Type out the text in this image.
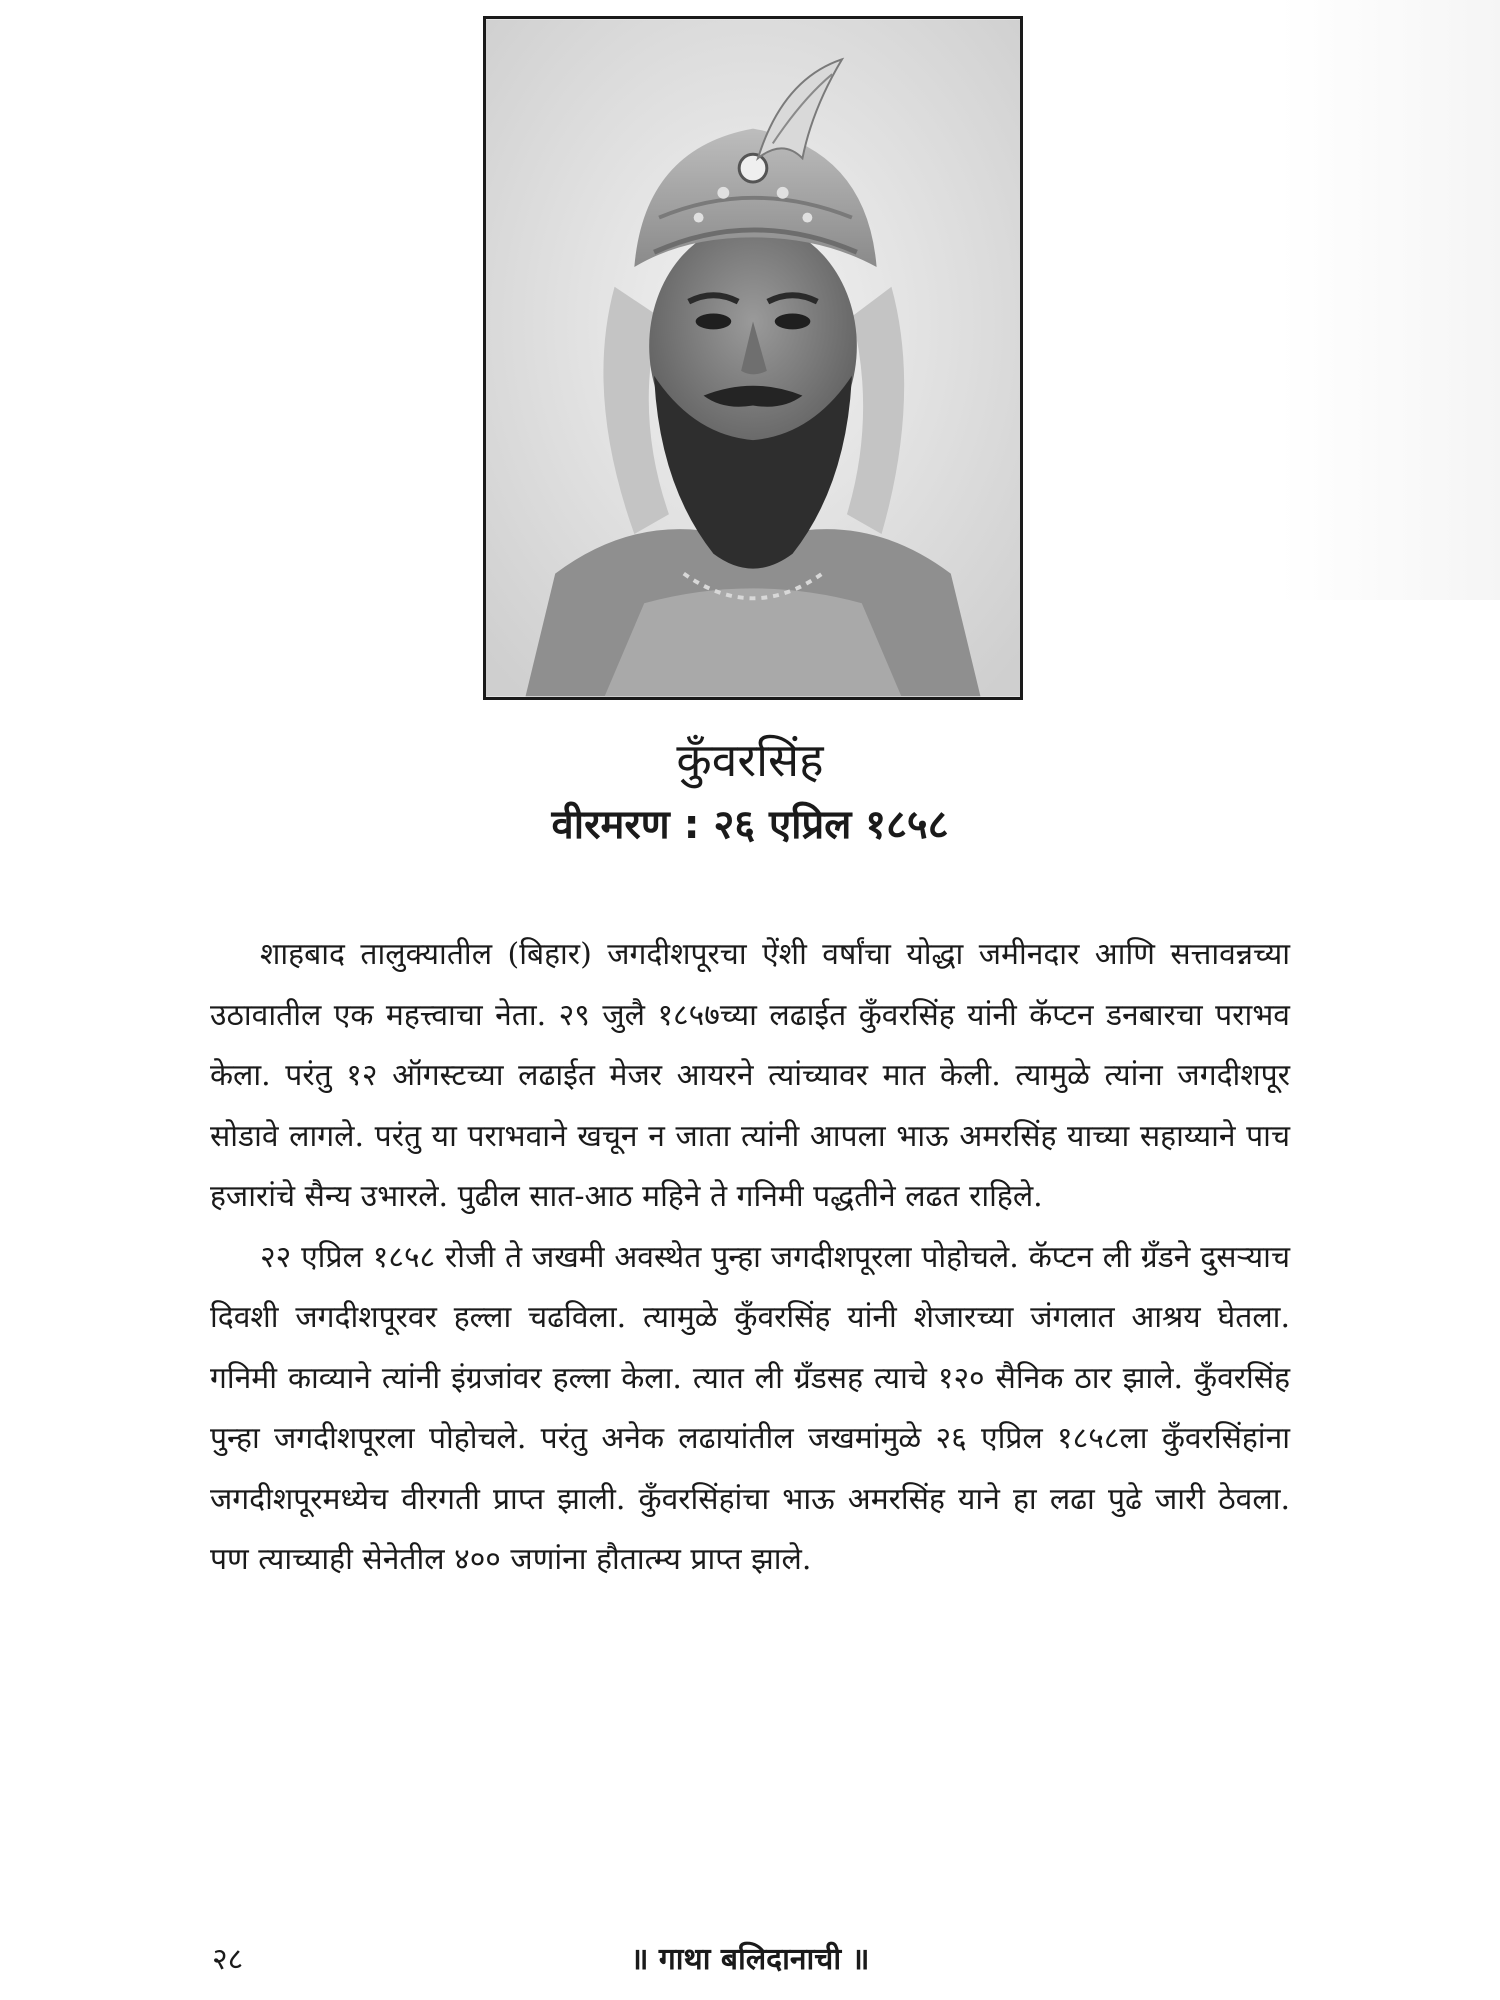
कुँवरसिंह
वीरमरण : २६ एप्रिल १८५८

शाहबाद तालुक्यातील (बिहार) जगदीशपूरचा ऐंशी वर्षांचा योद्धा जमीनदार आणि सत्तावन्नच्या उठावातील एक महत्त्वाचा नेता. २९ जुलै १८५७च्या लढाईत कुँवरसिंह यांनी कॅप्टन डनबारचा पराभव केला. परंतु १२ ऑगस्टच्या लढाईत मेजर आयरने त्यांच्यावर मात केली. त्यामुळे त्यांना जगदीशपूर सोडावे लागले. परंतु या पराभवाने खचून न जाता त्यांनी आपला भाऊ अमरसिंह याच्या सहाय्याने पाच हजारांचे सैन्य उभारले. पुढील सात-आठ महिने ते गनिमी पद्धतीने लढत राहिले.

२२ एप्रिल १८५८ रोजी ते जखमी अवस्थेत पुन्हा जगदीशपूरला पोहोचले. कॅप्टन ली ग्रँडने दुसऱ्याच दिवशी जगदीशपूरवर हल्ला चढविला. त्यामुळे कुँवरसिंह यांनी शेजारच्या जंगलात आश्रय घेतला. गनिमी काव्याने त्यांनी इंग्रजांवर हल्ला केला. त्यात ली ग्रँडसह त्याचे १२० सैनिक ठार झाले. कुँवरसिंह पुन्हा जगदीशपूरला पोहोचले. परंतु अनेक लढायांतील जखमांमुळे २६ एप्रिल १८५८ला कुँवरसिंहांना जगदीशपूरमध्येच वीरगती प्राप्त झाली. कुँवरसिंहांचा भाऊ अमरसिंह याने हा लढा पुढे जारी ठेवला. पण त्याच्याही सेनेतील ४०० जणांना हौतात्म्य प्राप्त झाले.

२८	॥ गाथा बलिदानाची ॥
